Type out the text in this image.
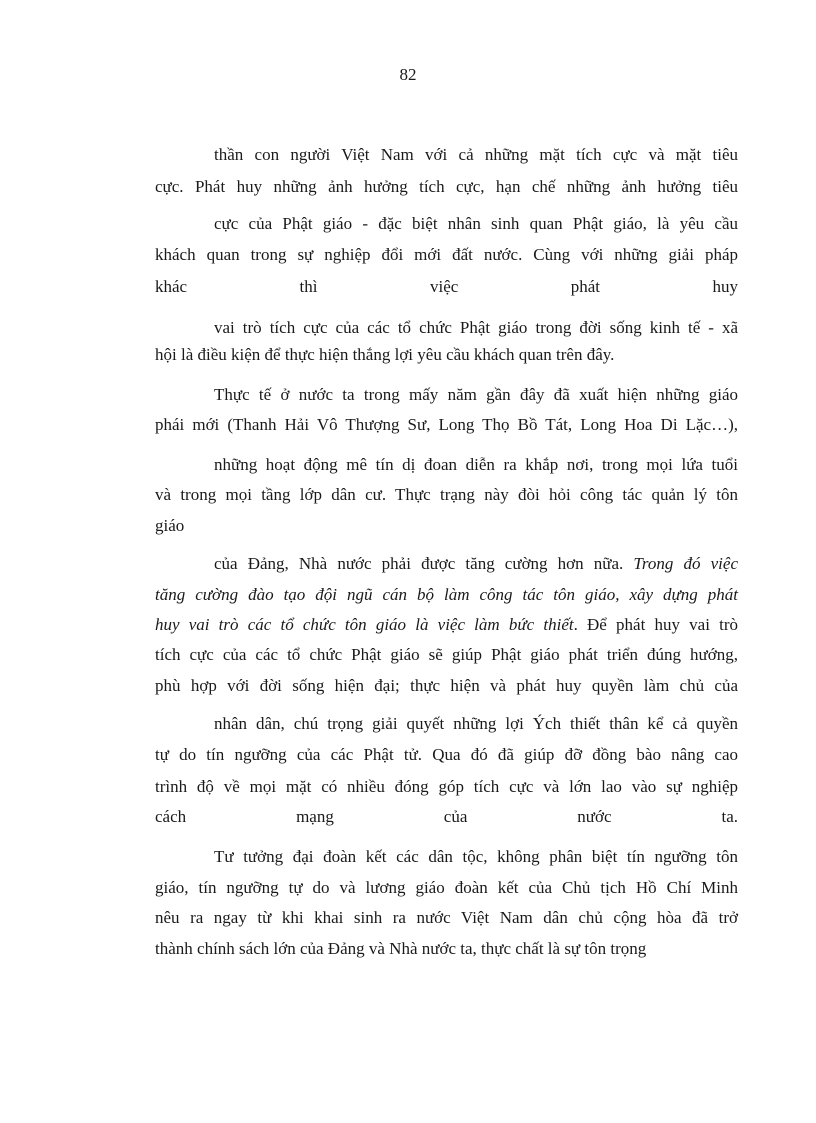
82
thần con người Việt Nam với cả những mặt tích cực và mặt tiêu
cực. Phát huy những ảnh hưởng tích cực, hạn chế những ảnh hưởng tiêu
cực của Phật giáo - đặc biệt nhân sinh quan Phật giáo, là yêu cầu
khách quan trong sự nghiệp đổi mới đất nước. Cùng với những giải pháp
khác thì việc phát huy
vai trò tích cực của các tổ chức Phật giáo trong đời sống kinh tế - xã
hội là điều kiện để thực hiện thắng lợi yêu cầu khách quan trên đây.
Thực tế ở nước ta trong mấy năm gần đây đã xuất hiện những giáo
phái mới (Thanh Hải Vô Thượng Sư, Long Thọ Bồ Tát, Long Hoa Di Lặc…),
những hoạt động mê tín dị đoan diễn ra khắp nơi, trong mọi lứa tuổi
và trong mọi tầng lớp dân cư. Thực trạng này đòi hỏi công tác quản lý tôn
giáo
của Đảng, Nhà nước phải được tăng cường hơn nữa. Trong đó việc
tăng cường đào tạo đội ngũ cán bộ làm công tác tôn giáo, xây dựng phát
huy vai trò các tổ chức tôn giáo là việc làm bức thiết. Để phát huy vai trò
tích cực của các tổ chức Phật giáo sẽ giúp Phật giáo phát triển đúng hướng,
phù hợp với đời sống hiện đại; thực hiện và phát huy quyền làm chủ của
nhân dân, chú trọng giải quyết những lợi Ých thiết thân kể cả quyền
tự do tín ngưỡng của các Phật tử. Qua đó đã giúp đỡ đồng bào nâng cao
trình độ về mọi mặt có nhiều đóng góp tích cực và lớn lao vào sự nghiệp
cách mạng của nước ta.
Tư tưởng đại đoàn kết các dân tộc, không phân biệt tín ngưỡng tôn
giáo, tín ngưỡng tự do và lương giáo đoàn kết của Chủ tịch Hồ Chí Minh
nêu ra ngay từ khi khai sinh ra nước Việt Nam dân chủ cộng hòa đã trở
thành chính sách lớn của Đảng và Nhà nước ta, thực chất là sự tôn trọng
